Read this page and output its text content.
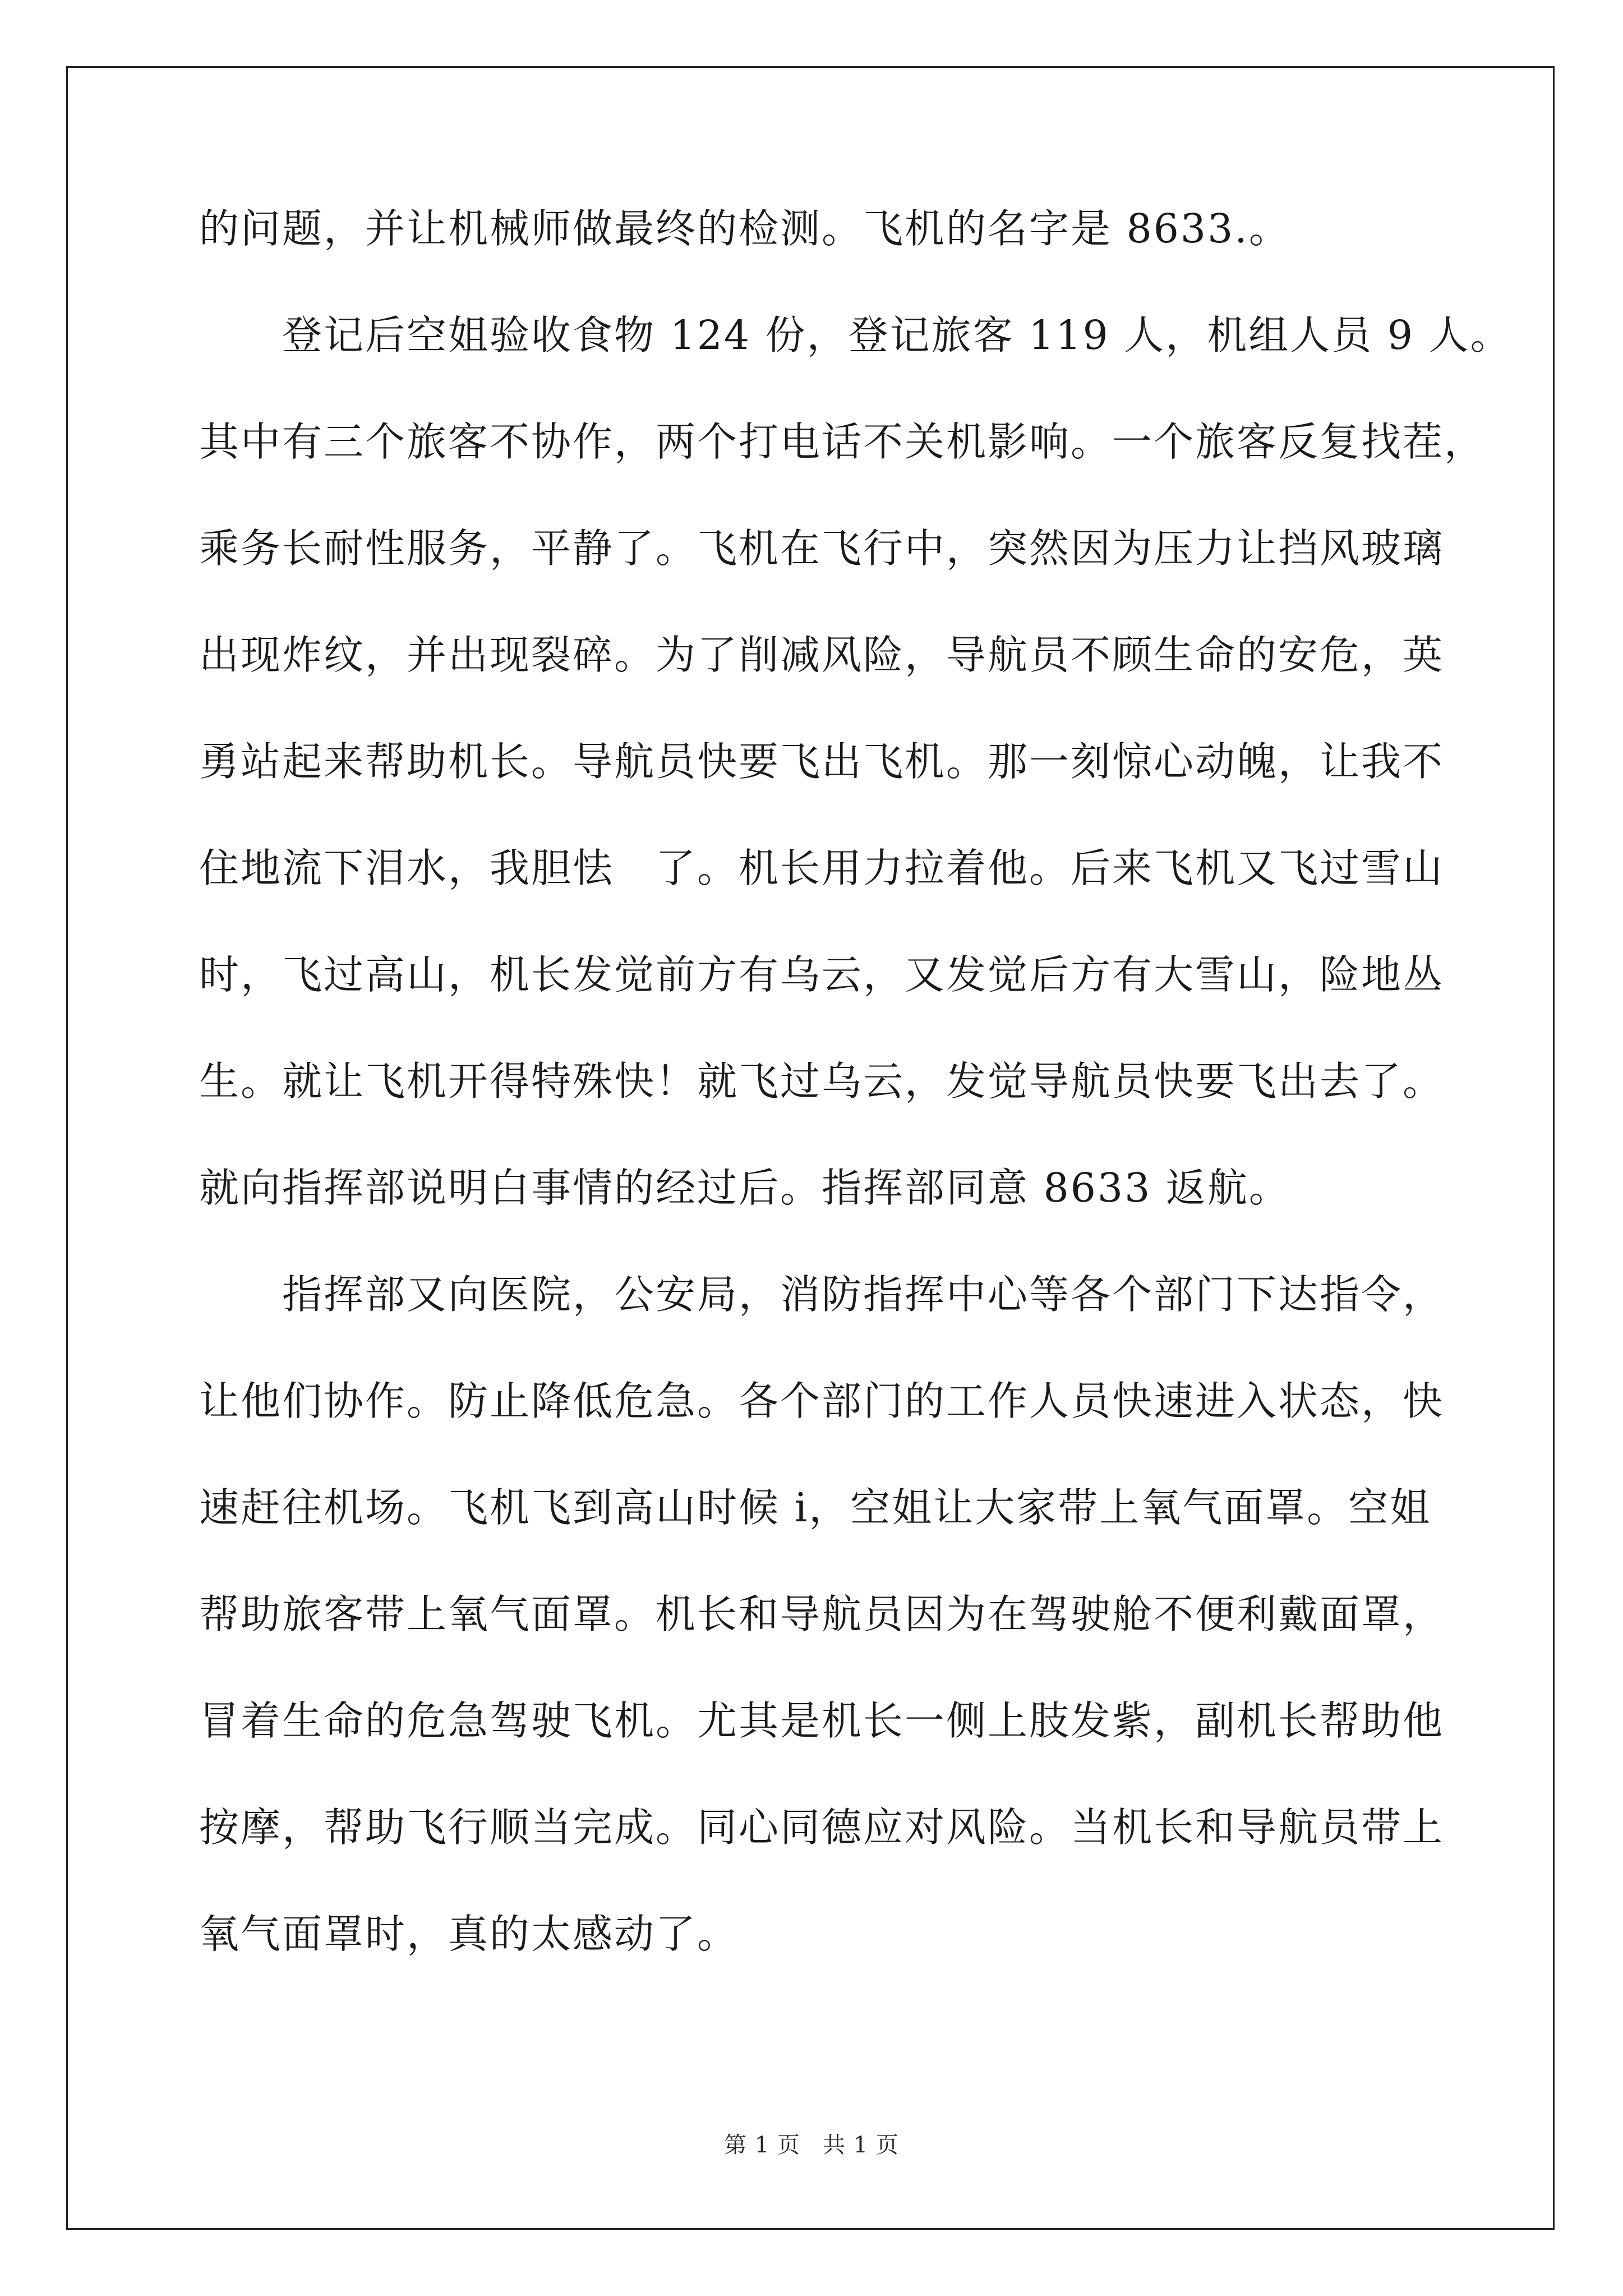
的问题，并让机械师做最终的检测。飞机的名字是 8633.。
登记后空姐验收食物 124 份，登记旅客 119 人，机组人员 9 人。
其中有三个旅客不协作，两个打电话不关机影响。一个旅客反复找茬，
乘务长耐性服务，平静了。飞机在飞行中，突然因为压力让挡风玻璃
出现炸纹，并出现裂碎。为了削减风险，导航员不顾生命的安危，英
勇站起来帮助机长。导航员快要飞出飞机。那一刻惊心动魄，让我不
住地流下泪水，我胆怯　了。机长用力拉着他。后来飞机又飞过雪山
时，飞过高山，机长发觉前方有乌云，又发觉后方有大雪山，险地丛
生。就让飞机开得特殊快！就飞过乌云，发觉导航员快要飞出去了。
就向指挥部说明白事情的经过后。指挥部同意 8633 返航。
指挥部又向医院，公安局，消防指挥中心等各个部门下达指令，
让他们协作。防止降低危急。各个部门的工作人员快速进入状态，快
速赶往机场。飞机飞到高山时候 i，空姐让大家带上氧气面罩。空姐
帮助旅客带上氧气面罩。机长和导航员因为在驾驶舱不便利戴面罩，
冒着生命的危急驾驶飞机。尤其是机长一侧上肢发紫，副机长帮助他
按摩，帮助飞行顺当完成。同心同德应对风险。当机长和导航员带上
氧气面罩时，真的太感动了。
第 1 页 共 1 页
